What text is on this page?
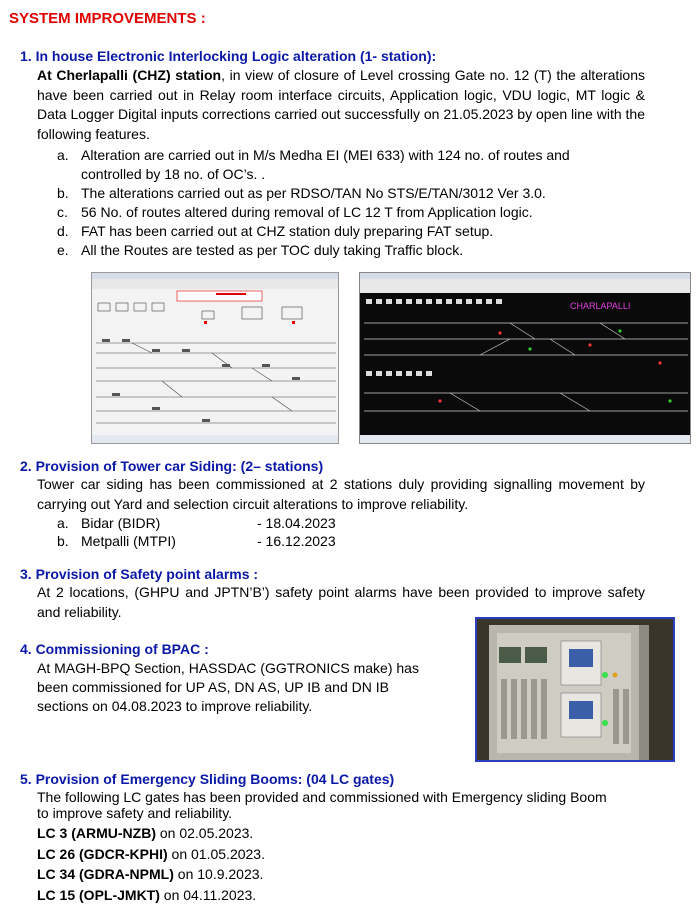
SYSTEM IMPROVEMENTS :
1. In house Electronic Interlocking Logic alteration (1- station):
At Cherlapalli (CHZ) station, in view of closure of Level crossing Gate no. 12 (T) the alterations have been carried out in Relay room interface circuits, Application logic, VDU logic, MT logic & Data Logger Digital inputs corrections carried out successfully on 21.05.2023 by open line with the following features.
a. Alteration are carried out in M/s Medha EI (MEI 633) with 124 no. of routes and
controlled by 18 no. of OC’s. .
b. The alterations carried out as per RDSO/TAN No STS/E/TAN/3012 Ver 3.0.
c. 56 No. of routes altered during removal of LC 12 T from Application logic.
d. FAT has been carried out at CHZ station duly preparing FAT setup.
e. All the Routes are tested as per TOC duly taking Traffic block.
CHARLAPALLI
2. Provision of Tower car Siding: (2– stations)
Tower car siding has been commissioned at 2 stations duly providing signalling movement by carrying out Yard and selection circuit alterations to improve reliability.
a. Bidar (BIDR)	- 18.04.2023
b. Metpalli (MTPI)	- 16.12.2023
3. Provision of Safety point alarms :
At 2 locations, (GHPU and JPTN’B’) safety point alarms have been provided to improve safety and reliability.
4. Commissioning of BPAC :
At MAGH-BPQ Section, HASSDAC (GGTRONICS make) has
been commissioned for UP AS, DN AS, UP IB and DN IB
sections on 04.08.2023 to improve reliability.
5. Provision of Emergency Sliding Booms: (04 LC gates)
The following LC gates has been provided and commissioned with Emergency sliding Boom
to improve safety and reliability.
LC 3 (ARMU-NZB) on 02.05.2023.
LC 26 (GDCR-KPHI) on 01.05.2023.
LC 34 (GDRA-NPML) on 10.9.2023.
LC 15 (OPL-JMKT) on 04.11.2023.
